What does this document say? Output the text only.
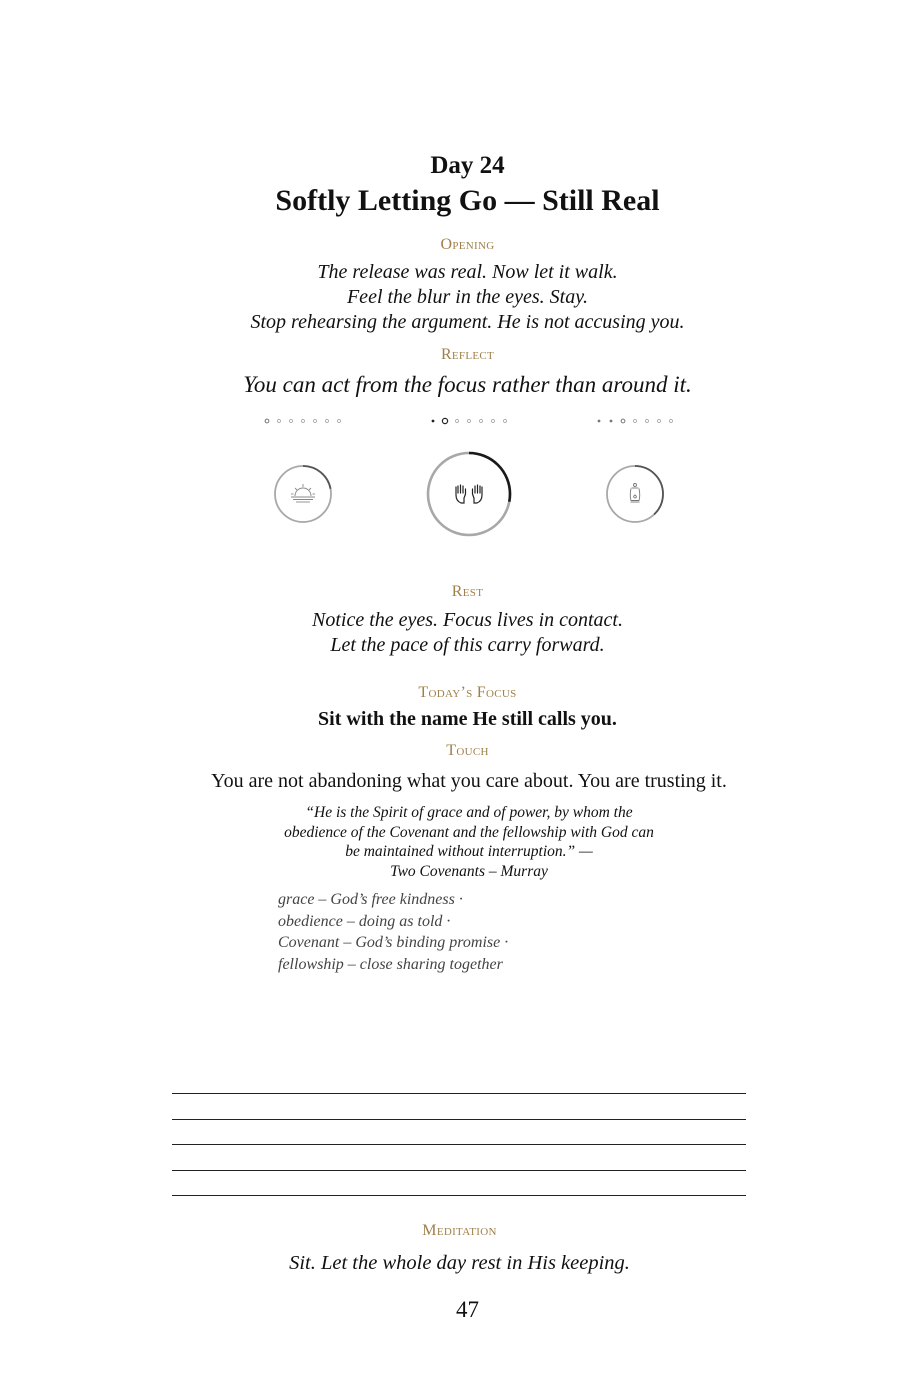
Day 24
Softly Letting Go — Still Real
Opening
The release was real. Now let it walk.
Feel the blur in the eyes. Stay.
Stop rehearsing the argument. He is not accusing you.
Reflect
You can act from the focus rather than around it.
Rest
Notice the eyes. Focus lives in contact.
Let the pace of this carry forward.
Today’s Focus
Sit with the name He still calls you.
Touch
You are not abandoning what you care about. You are trusting it.
“He is the Spirit of grace and of power, by whom the obedience of the Covenant and the fellowship with God can be maintained without interruption.” —
Two Covenants – Murray
grace – God’s free kindness ·
obedience – doing as told ·
Covenant – God’s binding promise ·
fellowship – close sharing together
Meditation
Sit. Let the whole day rest in His keeping.
47
